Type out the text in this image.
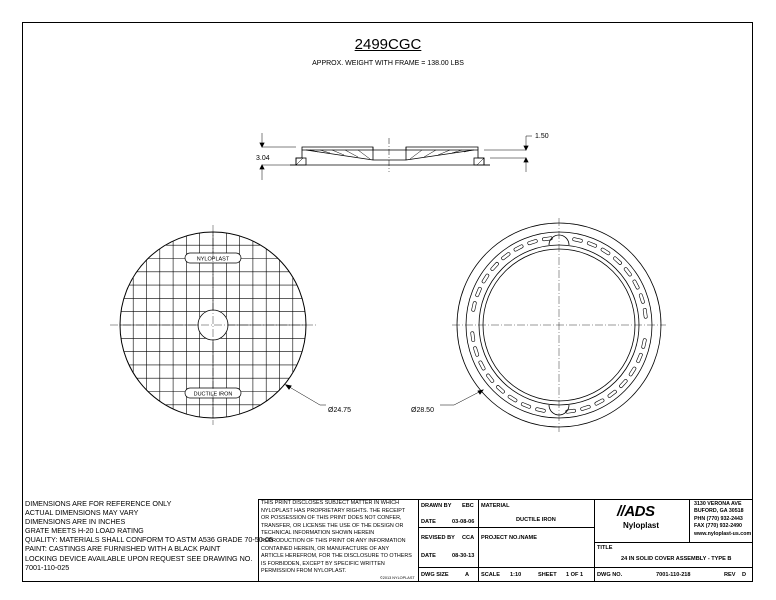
2499CGC
APPROX. WEIGHT WITH FRAME = 138.00 LBS
3.04
1.50
NYLOPLAST
DUCTILE IRON
Ø24.75	Ø28.50
DIMENSIONS ARE FOR REFERENCE ONLY
ACTUAL DIMENSIONS MAY VARY
DIMENSIONS ARE IN INCHES
GRATE MEETS H-20 LOAD RATING
QUALITY: MATERIALS SHALL CONFORM TO ASTM A536 GRADE 70-50-05
PAINT: CASTINGS ARE FURNISHED WITH A BLACK PAINT
LOCKING DEVICE AVAILABLE UPON REQUEST SEE DRAWING NO.
7001-110-025
THIS PRINT DISCLOSES SUBJECT MATTER IN WHICH
NYLOPLAST HAS PROPRIETARY RIGHTS. THE RECEIPT
OR POSSESSION OF THIS PRINT DOES NOT CONFER,
TRANSFER, OR LICENSE THE USE OF THE DESIGN OR
TECHNICAL INFORMATION SHOWN HEREIN
REPRODUCTION OF THIS PRINT OR ANY INFORMATION
CONTAINED HEREIN, OR MANUFACTURE OF ANY
ARTICLE HEREFROM, FOR THE DISCLOSURE TO OTHERS
IS FORBIDDEN, EXCEPT BY SPECIFIC WRITTEN
PERMISSION FROM NYLOPLAST.
©2013 NYLOPLAST
DRAWN BY EBC
DATE	03-08-06
REVISED BY CCA
DATE	08-30-13
DWG SIZE	A
MATERIAL
DUCTILE IRON
PROJECT NO./NAME
SCALE 1:10	SHEET 1 OF 1
//ADS
Nyloplast
3130 VERONA AVE
BUFORD, GA 30518
PHN (770) 932-2443
FAX (770) 932-2490
www.nyloplast-us.com
TITLE
24 IN SOLID COVER ASSEMBLY - TYPE B
DWG NO.	7001-110-218	REV D
